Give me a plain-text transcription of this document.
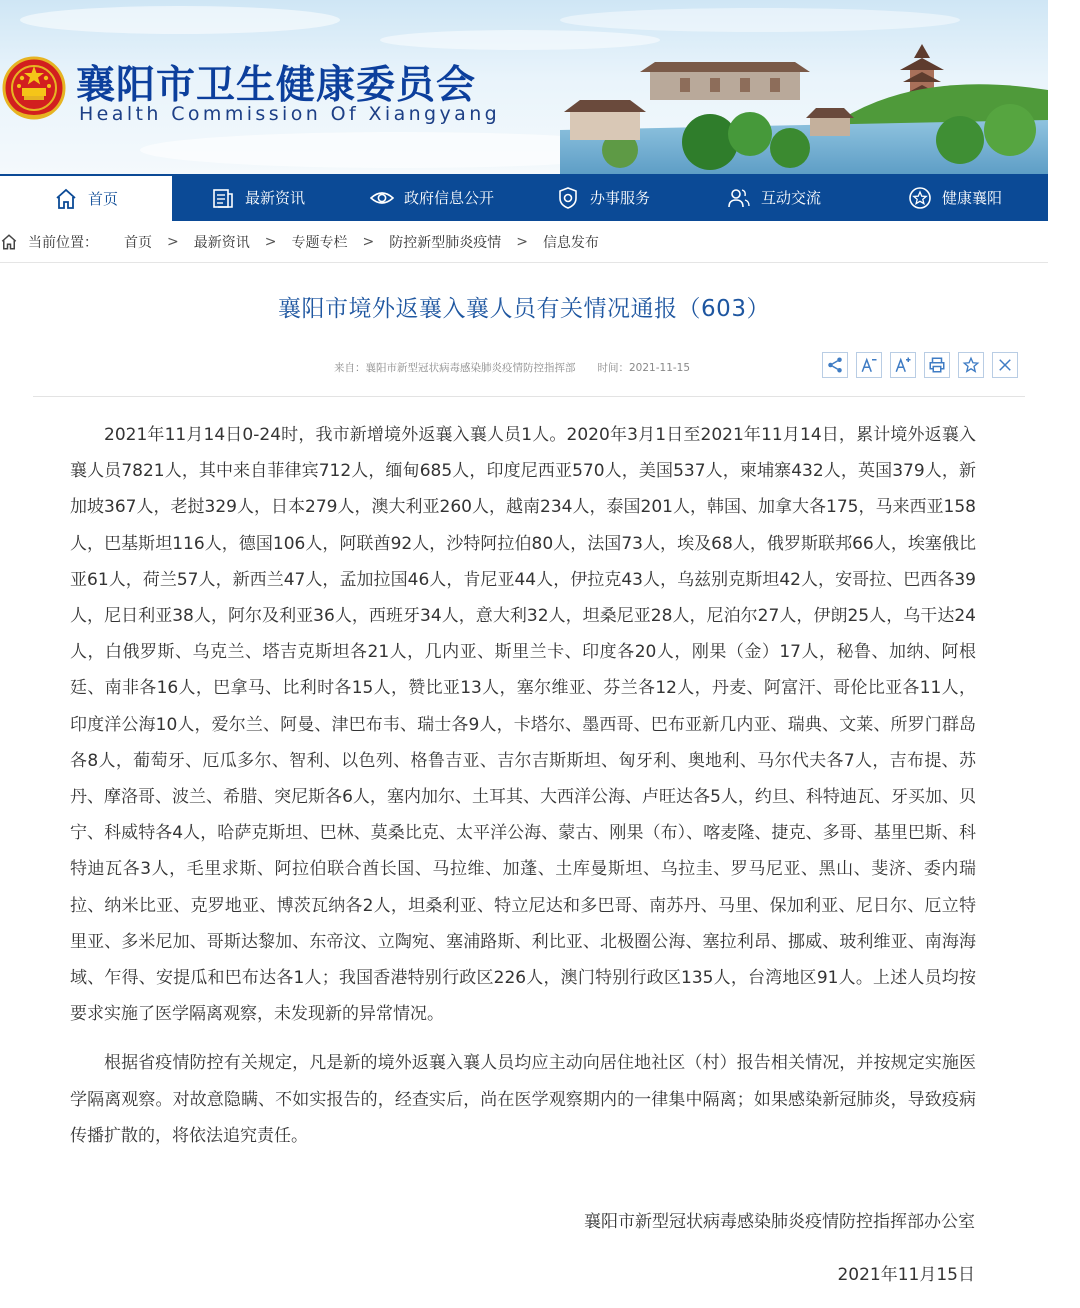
襄阳市卫生健康委员会
Health Commission Of Xiangyang
首页	最新资讯	政府信息公开	办事服务	互动交流	健康襄阳
当前位置： 首页 > 最新资讯 > 专题专栏 > 防控新型肺炎疫情 > 信息发布
襄阳市境外返襄入襄人员有关情况通报（603）
来自：襄阳市新型冠状病毒感染肺炎疫情防控指挥部 时间：2021-11-15

2021年11月14日0-24时，我市新增境外返襄入襄人员1人。2020年3月1日至2021年11月14日，累计境外返襄入襄人员7821人，其中来自菲律宾712人，缅甸685人，印度尼西亚570人，美国537人，柬埔寨432人，英国379人，新加坡367人，老挝329人，日本279人，澳大利亚260人，越南234人，泰国201人，韩国、加拿大各175，马来西亚158人，巴基斯坦116人，德国106人，阿联酋92人，沙特阿拉伯80人，法国73人，埃及68人，俄罗斯联邦66人，埃塞俄比亚61人，荷兰57人，新西兰47人，孟加拉国46人，肯尼亚44人，伊拉克43人，乌兹别克斯坦42人，安哥拉、巴西各39人，尼日利亚38人，阿尔及利亚36人，西班牙34人，意大利32人，坦桑尼亚28人，尼泊尔27人，伊朗25人，乌干达24人，白俄罗斯、乌克兰、塔吉克斯坦各21人，几内亚、斯里兰卡、印度各20人，刚果（金）17人，秘鲁、加纳、阿根廷、南非各16人，巴拿马、比利时各15人，赞比亚13人，塞尔维亚、芬兰各12人，丹麦、阿富汗、哥伦比亚各11人，印度洋公海10人，爱尔兰、阿曼、津巴布韦、瑞士各9人，卡塔尔、墨西哥、巴布亚新几内亚、瑞典、文莱、所罗门群岛各8人，葡萄牙、厄瓜多尔、智利、以色列、格鲁吉亚、吉尔吉斯斯坦、匈牙利、奥地利、马尔代夫各7人，吉布提、苏丹、摩洛哥、波兰、希腊、突尼斯各6人，塞内加尔、土耳其、大西洋公海、卢旺达各5人，约旦、科特迪瓦、牙买加、贝宁、科威特各4人，哈萨克斯坦、巴林、莫桑比克、太平洋公海、蒙古、刚果（布）、喀麦隆、捷克、多哥、基里巴斯、科特迪瓦各3人，毛里求斯、阿拉伯联合酋长国、马拉维、加蓬、土库曼斯坦、乌拉圭、罗马尼亚、黑山、斐济、委内瑞拉、纳米比亚、克罗地亚、博茨瓦纳各2人，坦桑利亚、特立尼达和多巴哥、南苏丹、马里、保加利亚、尼日尔、厄立特里亚、多米尼加、哥斯达黎加、东帝汶、立陶宛、塞浦路斯、利比亚、北极圈公海、塞拉利昂、挪威、玻利维亚、南海海域、乍得、安提瓜和巴布达各1人；我国香港特别行政区226人，澳门特别行政区135人，台湾地区91人。上述人员均按要求实施了医学隔离观察，未发现新的异常情况。

根据省疫情防控有关规定，凡是新的境外返襄入襄人员均应主动向居住地社区（村）报告相关情况，并按规定实施医学隔离观察。对故意隐瞒、不如实报告的，经查实后，尚在医学观察期内的一律集中隔离；如果感染新冠肺炎，导致疫病传播扩散的，将依法追究责任。

襄阳市新型冠状病毒感染肺炎疫情防控指挥部办公室
2021年11月15日
